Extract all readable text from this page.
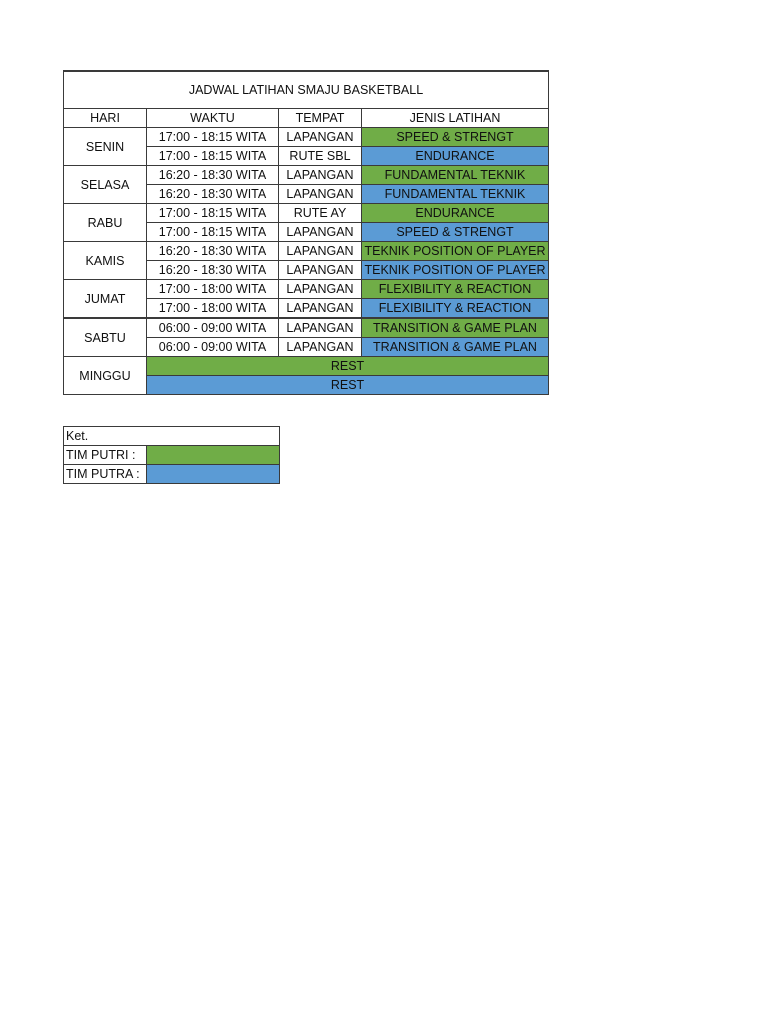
JADWAL LATIHAN SMAJU BASKETBALL			
HARI	WAKTU	TEMPAT	JENIS LATIHAN
SENIN	17:00 - 18:15 WITA	LAPANGAN	SPEED & STRENGT
	17:00 - 18:15 WITA	RUTE SBL	ENDURANCE
SELASA	16:20 - 18:30 WITA	LAPANGAN	FUNDAMENTAL TEKNIK
	16:20 - 18:30 WITA	LAPANGAN	FUNDAMENTAL TEKNIK
RABU	17:00 - 18:15 WITA	RUTE AY	ENDURANCE
	17:00 - 18:15 WITA	LAPANGAN	SPEED & STRENGT
KAMIS	16:20 - 18:30 WITA	LAPANGAN	TEKNIK POSITION OF PLAYER
	16:20 - 18:30 WITA	LAPANGAN	TEKNIK POSITION OF PLAYER
JUMAT	17:00 - 18:00 WITA	LAPANGAN	FLEXIBILITY & REACTION
	17:00 - 18:00 WITA	LAPANGAN	FLEXIBILITY & REACTION
SABTU	06:00 - 09:00 WITA	LAPANGAN	TRANSITION & GAME PLAN
	06:00 - 09:00 WITA	LAPANGAN	TRANSITION & GAME PLAN
MINGGU	REST		
	REST		
Ket.	
TIM PUTRI :	
TIM PUTRA :	
